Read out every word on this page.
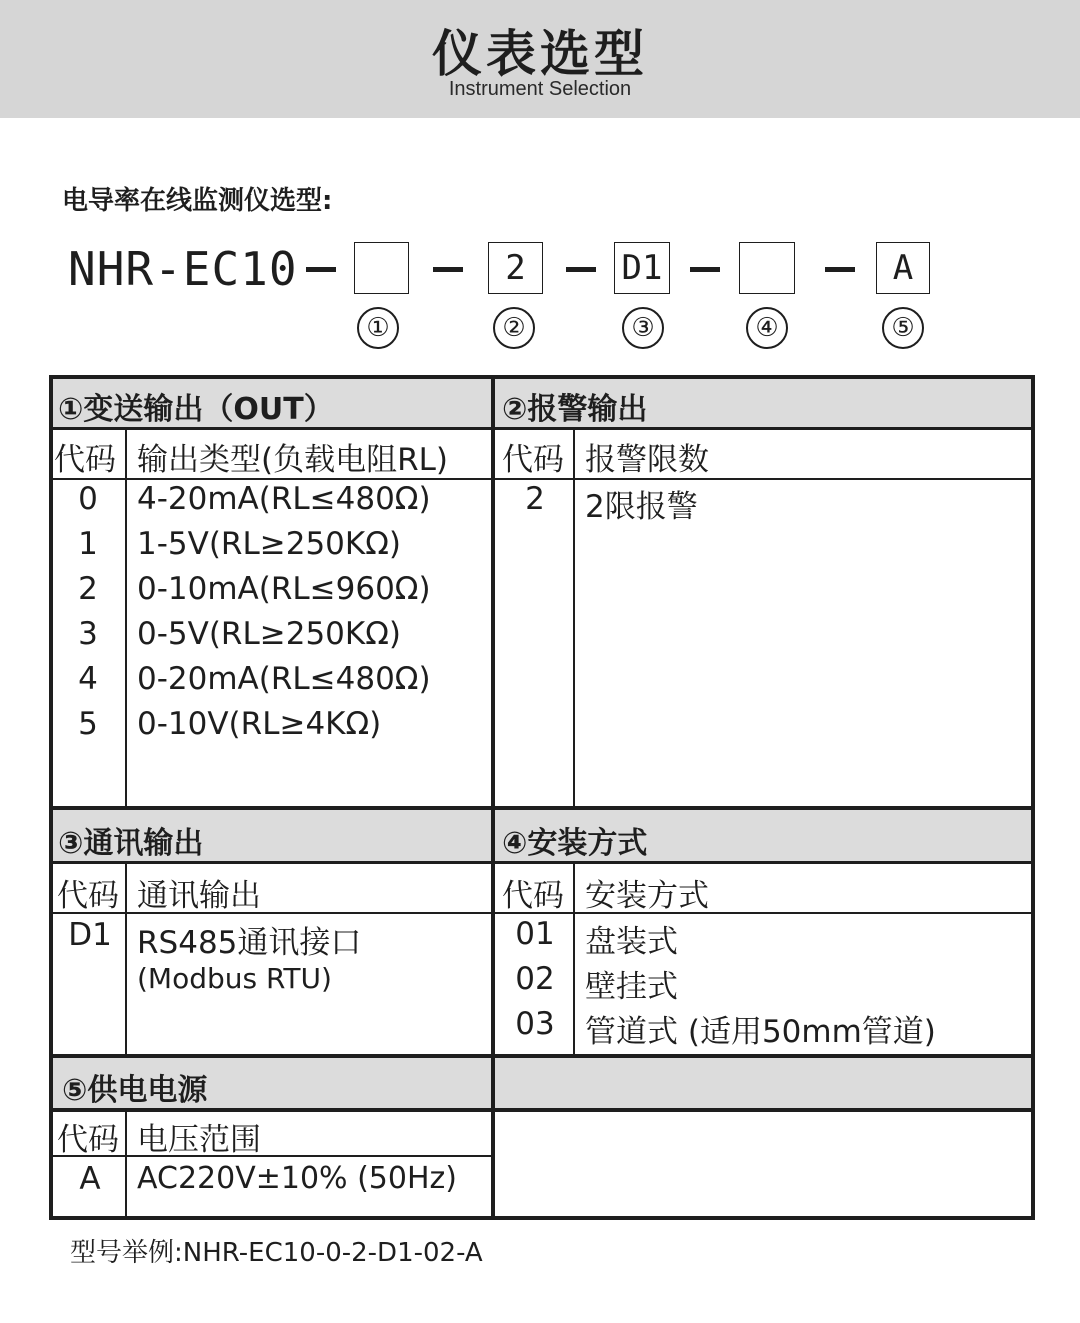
仪表选型
Instrument Selection
电导率在线监测仪选型:
NHR-EC10	2	D1	A
①	②	③	④	⑤
①变送输出（OUT）
代码 输出类型(负载电阻RL)
0	4-20mA(RL≤480Ω)
1	1-5V(RL≥250KΩ)
2	0-10mA(RL≤960Ω)
3	0-5V(RL≥250KΩ)
4	0-20mA(RL≤480Ω)
5	0-10V(RL≥4KΩ)
②报警输出
代码 报警限数
2	2限报警
③通讯输出
代码 通讯输出
D1 RS485通讯接口
(Modbus RTU)
④安装方式
代码 安装方式
01 盘装式
02 壁挂式
03 管道式 (适用50mm管道)
⑤供电电源
代码 电压范围
A	AC220V±10% (50Hz)
型号举例:NHR-EC10-0-2-D1-02-A
